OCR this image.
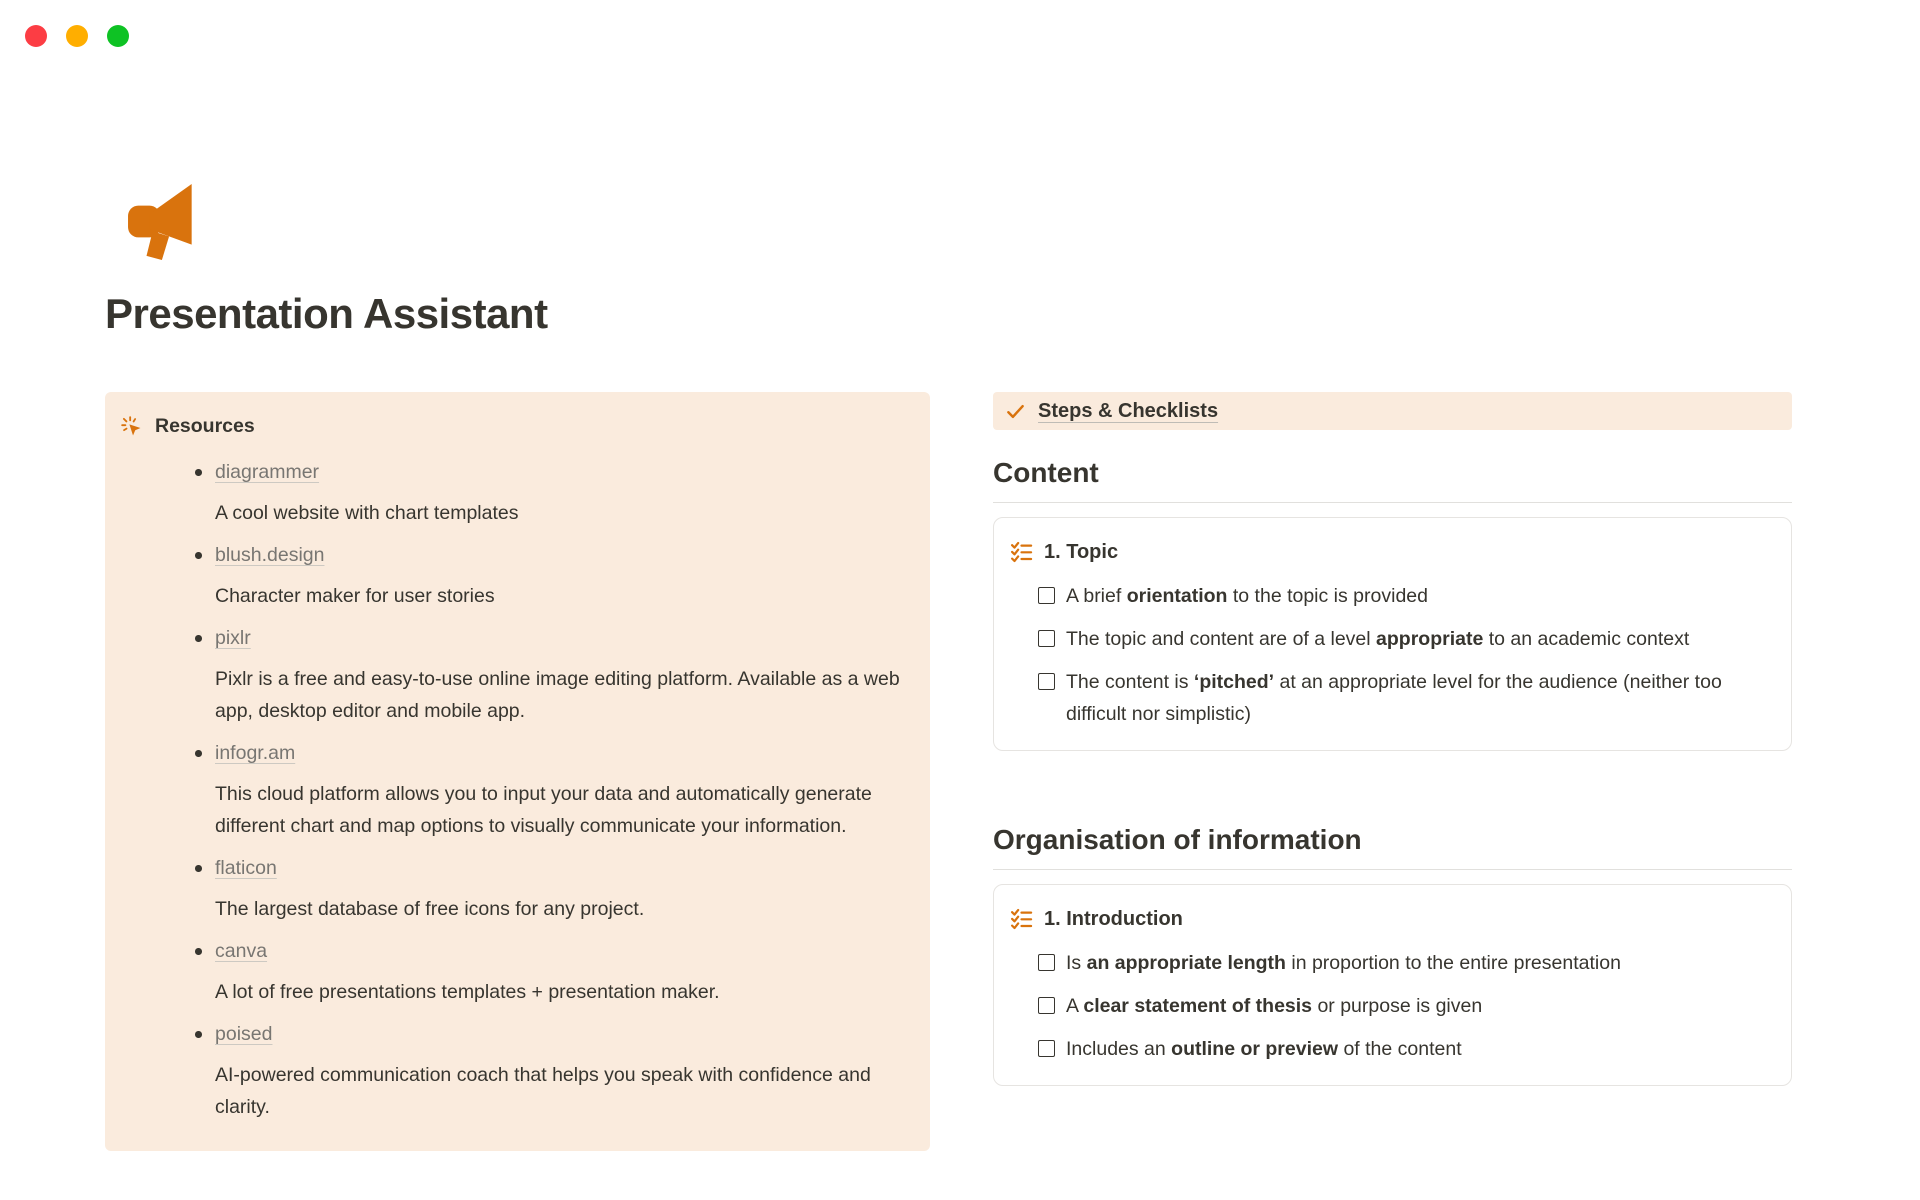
Presentation Assistant
Resources
diagrammer

A cool website with chart templates

blush.design

Character maker for user stories

pixlr

Pixlr is a free and easy-to-use online image editing platform. Available as a web app, desktop editor and mobile app.

infogr.am

This cloud platform allows you to input your data and automatically generate different chart and map options to visually communicate your information.

flaticon

The largest database of free icons for any project.

canva

A lot of free presentations templates + presentation maker.

poised

AI-powered communication coach that helps you speak with confidence and clarity.

Steps & Checklists
Content
1. Topic
A brief orientation to the topic is provided
The topic and content are of a level appropriate to an academic context
The content is ‘pitched’ at an appropriate level for the audience (neither too difficult nor simplistic)
Organisation of information
1. Introduction
Is an appropriate length in proportion to the entire presentation
A clear statement of thesis or purpose is given
Includes an outline or preview of the content
